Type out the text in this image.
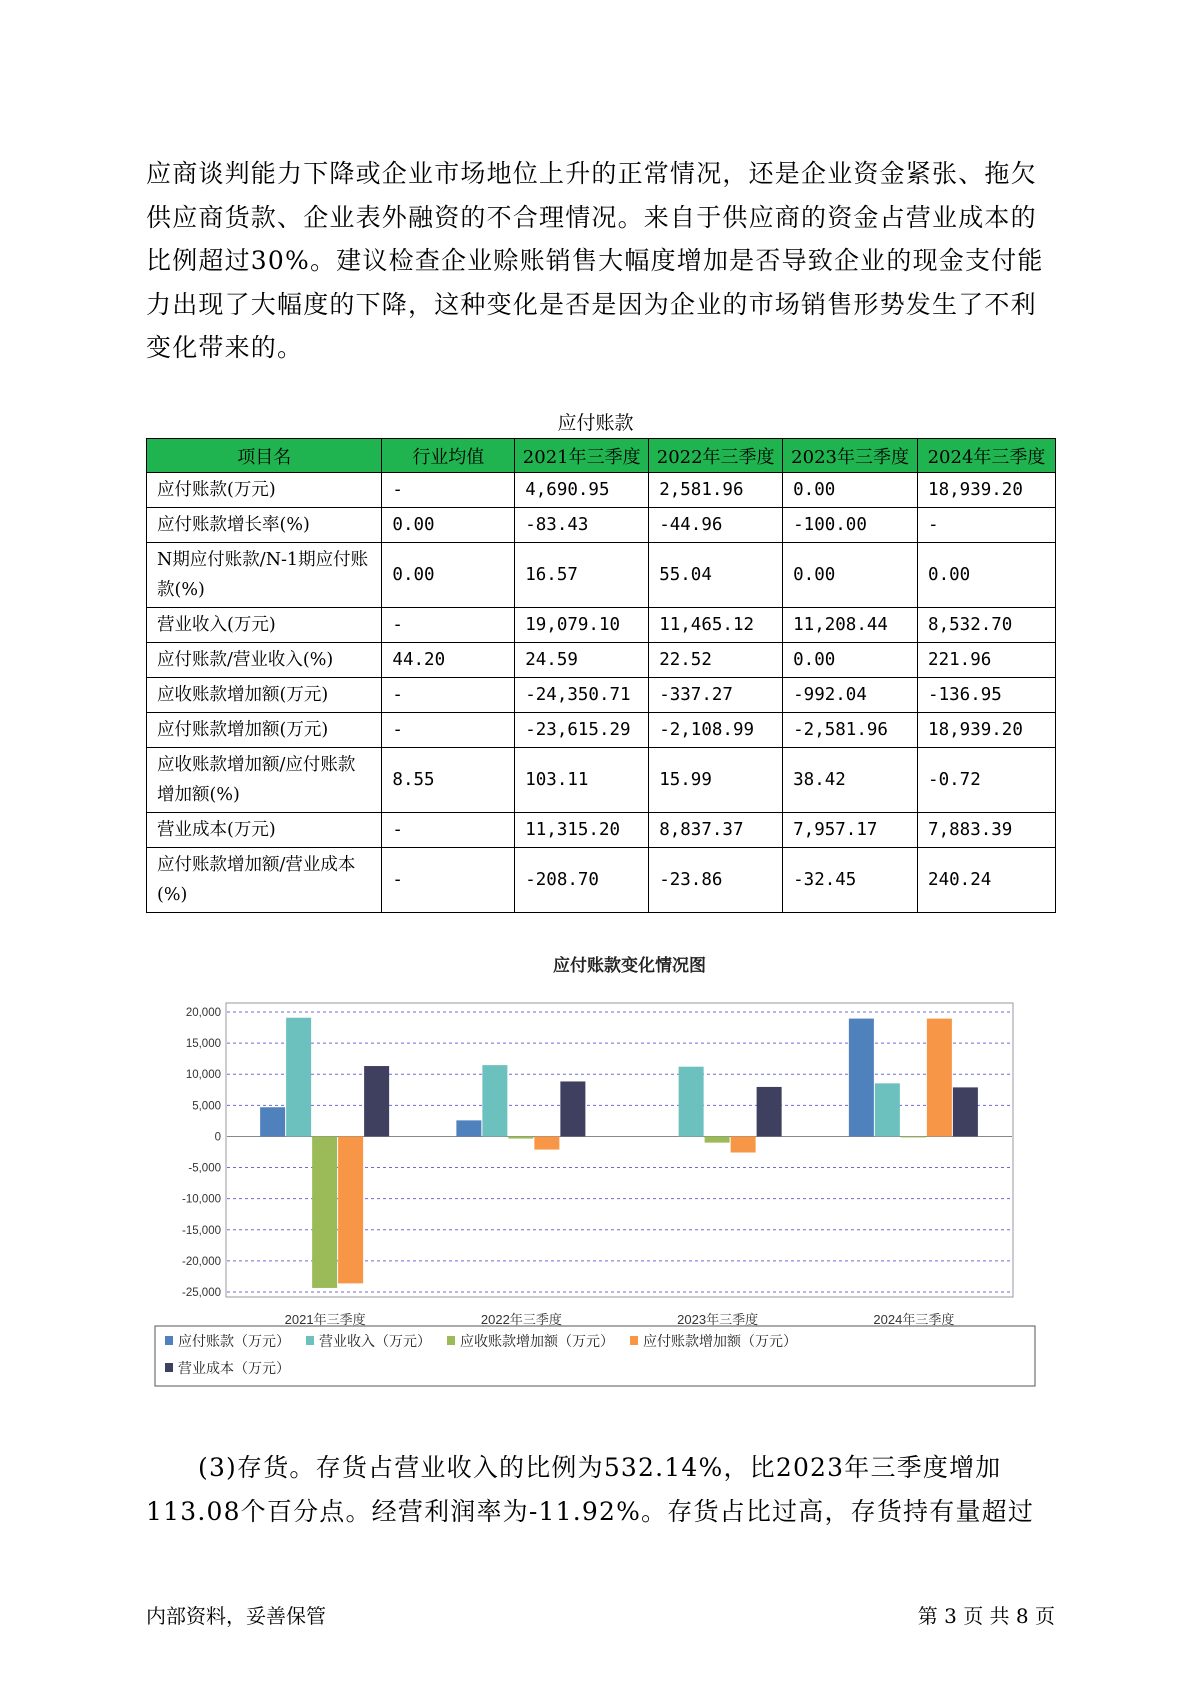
应商谈判能力下降或企业市场地位上升的正常情况，还是企业资金紧张、拖欠供应商货款、企业表外融资的不合理情况。来自于供应商的资金占营业成本的比例超过30%。建议检查企业赊账销售大幅度增加是否导致企业的现金支付能力出现了大幅度的下降，这种变化是否是因为企业的市场销售形势发生了不利变化带来的。

应付账款
项目名	行业均值	2021年三季度	2022年三季度	2023年三季度	2024年三季度
应付账款(万元)	-	4,690.95	2,581.96	0.00	18,939.20
应付账款增长率(%)	0.00	-83.43	-44.96	-100.00	-
N期应付账款/N-1期应付账款(%)	0.00	16.57	55.04	0.00	0.00
营业收入(万元)	-	19,079.10	11,465.12	11,208.44	8,532.70
应付账款/营业收入(%)	44.20	24.59	22.52	0.00	221.96
应收账款增加额(万元)	-	-24,350.71	-337.27	-992.04	-136.95
应付账款增加额(万元)	-	-23,615.29	-2,108.99	-2,581.96	18,939.20
应收账款增加额/应付账款增加额(%)	8.55	103.11	15.99	38.42	-0.72
营业成本(万元)	-	11,315.20	8,837.37	7,957.17	7,883.39
应付账款增加额/营业成本(%)	-	-208.70	-23.86	-32.45	240.24
应付账款变化情况图
20,000
15,000
10,000
5,000
0
-5,000
-10,000
-15,000
-20,000
-25,000
2021年三季度	2022年三季度	2023年三季度	2024年三季度
应付账款（万元） 营业收入（万元） 应收账款增加额（万元） 应付账款增加额（万元）
营业成本（万元）

(3)存货。存货占营业收入的比例为532.14%，比2023年三季度增加113.08个百分点。经营利润率为-11.92%。存货占比过高，存货持有量超过

内部资料，妥善保管	第 3 页 共 8 页
